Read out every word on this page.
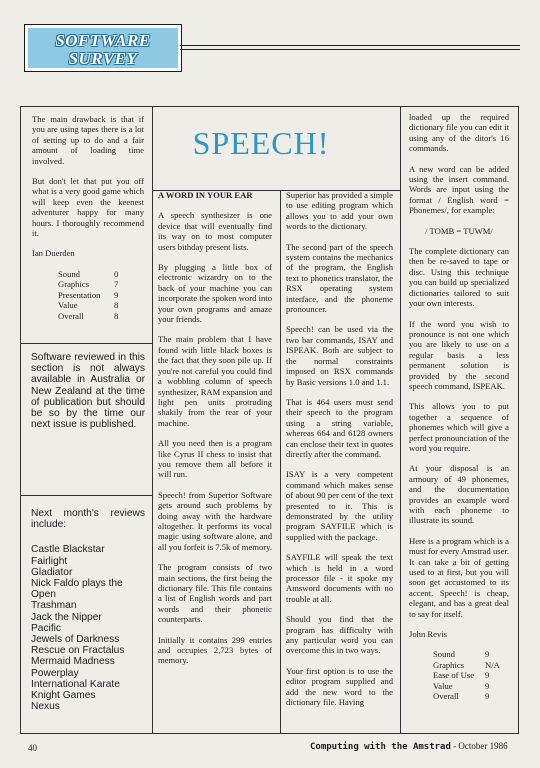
SOFTWARE
SURVEY

The main drawback is that if you are using tapes there is a lot of setting up to do and a fair amount of loading time involved.

But don't let that put you off what is a very good game which will keep even the keenest adventurer happy for many hours. I thoroughly recommend it.

Ian Duerden

Sound	0
Graphics	7
Presentation	9
Value	8
Overall	8

Software reviewed in this section is not always available in Australia or New Zealand at the time of publication but should be so by the time our next issue is published.

Next month's reviews include:

Castle Blackstar
Fairlight
Gladiator
Nick Faldo plays the Open
Trashman
Jack the Nipper
Pacific
Jewels of Darkness
Rescue on Fractalus
Mermaid Madness
Powerplay
International Karate
Knight Games
Nexus
SPEECH!

A WORD IN YOUR EAR

A speech synthesizer is one device that will eventually find its way on to most computer users bithday present lists.

By plugging a little box of electronic wizardry on to the back of your machine you can incorporate the spoken word into your own programs and amaze your friends.

The main problem that I have found with little black boxes is the fact that they soon pile up. If you're not careful you could find a wobbling column of speech synthesizer, RAM expansion and light pen units protruding shakily from the rear of your machine.

All you need then is a program like Cyrus II chess to insist that you remove them all before it will run.

Speech! from Superior Software gets around such problems by doing away with the hardware altogether. It performs its vocal magic using software alone, and all you forfeit is 7.5k of memory.

The program consists of two main sections, the first being the dictionary file. This file contains a list of English words and part words and their phonetic counterparts.

Initially it contains 299 entries and occupies 2,723 bytes of memory.

Superior has provided a simple to use editing program which allows you to add your own words to the dictionary.

The second part of the speech system contains the mechanics of the program, the English text to phonetics translator, the RSX operating system interface, and the phoneme pronouncer.

Speech! can be used via the two bar commands, ISAY and ISPEAK. Both are subject to the normal constraints imposed on RSX commands by Basic versions 1.0 and 1.1.

That is 464 users must send their speech to the program using a string variable, whereas 664 and 6128 owners can enclose their text in quotes directly after the command.

ISAY is a very competent command which makes sense of about 90 per cent of the text presented to it. This is demonstrated by the utility program SAYFILE which is supplied with the package.

SAYFILE will speak the text which is held in a word processor file - it spoke my Amsword documents with no trouble at all.

Should you find that the program has difficulty with any particular word you can overcome this in two ways.

Your first option is to use the editor program supplied and add the new word to the dictionary file. Having

loaded up the required dictionary file you can edit it using any of the ditor's 16 commands.

A new word can be added using the insert command. Words are input using the format / English word = Phonemes/, for example:

/ TOMB = TUWM/

The complete dictionary can then be re-saved to tape or disc. Using this technique you can build up specialized dictionaries tailored to suit your own interests.

If the word you wish to pronounce is not one which you are likely to use on a regular basis a less permanent solution is provided by the second speech command, ISPEAK.

This allows you to put together a sequence of phonemes which will give a perfect pronounciation of the word you require.

At your disposal is an armoury of 49 phonemes, and the documentation provides an example word with each phoneme to illustrate its sound.

Here is a program which is a must for every Amstrad user. It can take a bit of getting used to at first, but you will soon get accustomed to its accent. Speech! is cheap, elegant, and has a great deal to say for itself.

John Revis

Sound	9
Graphics	N/A
Ease of Use	9
Value	9
Overall	9
40	Computing with the Amstrad - October 1986
